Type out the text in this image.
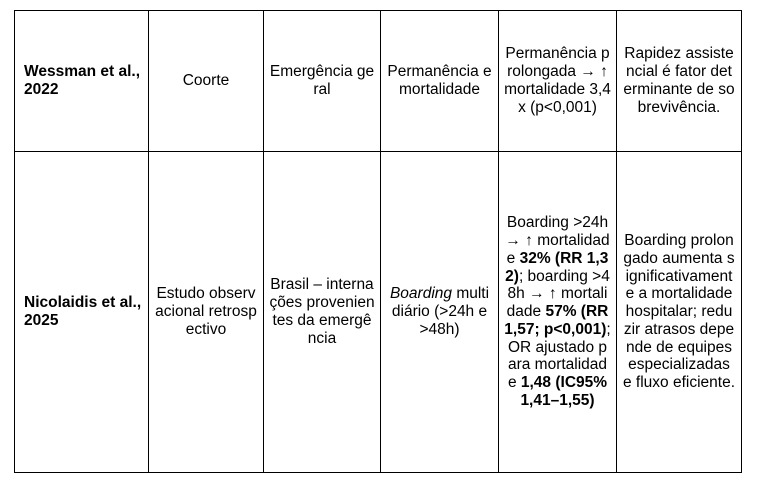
Wessman et al., 2022	Coorte	Emergência geral	Permanência e mortalidade	Permanência prolongada → ↑ mortalidade 3,4x (p<0,001)	Rapidez assistencial é fator determinante de sobrevivência.
Nicolaidis et al., 2025	Estudo observacional retrospectivo	Brasil – internações provenientes da emergência	Boarding multidiário (>24h e >48h)	Boarding >24h → ↑ mortalidade 32% (RR 1,32); boarding >48h → ↑ mortalidade 57% (RR 1,57; p<0,001); OR ajustado para mortalidade 1,48 (IC95% 1,41–1,55)	Boarding prolongado aumenta significativamente a mortalidade hospitalar; reduzir atrasos depende de equipes especializadas e fluxo eficiente.
